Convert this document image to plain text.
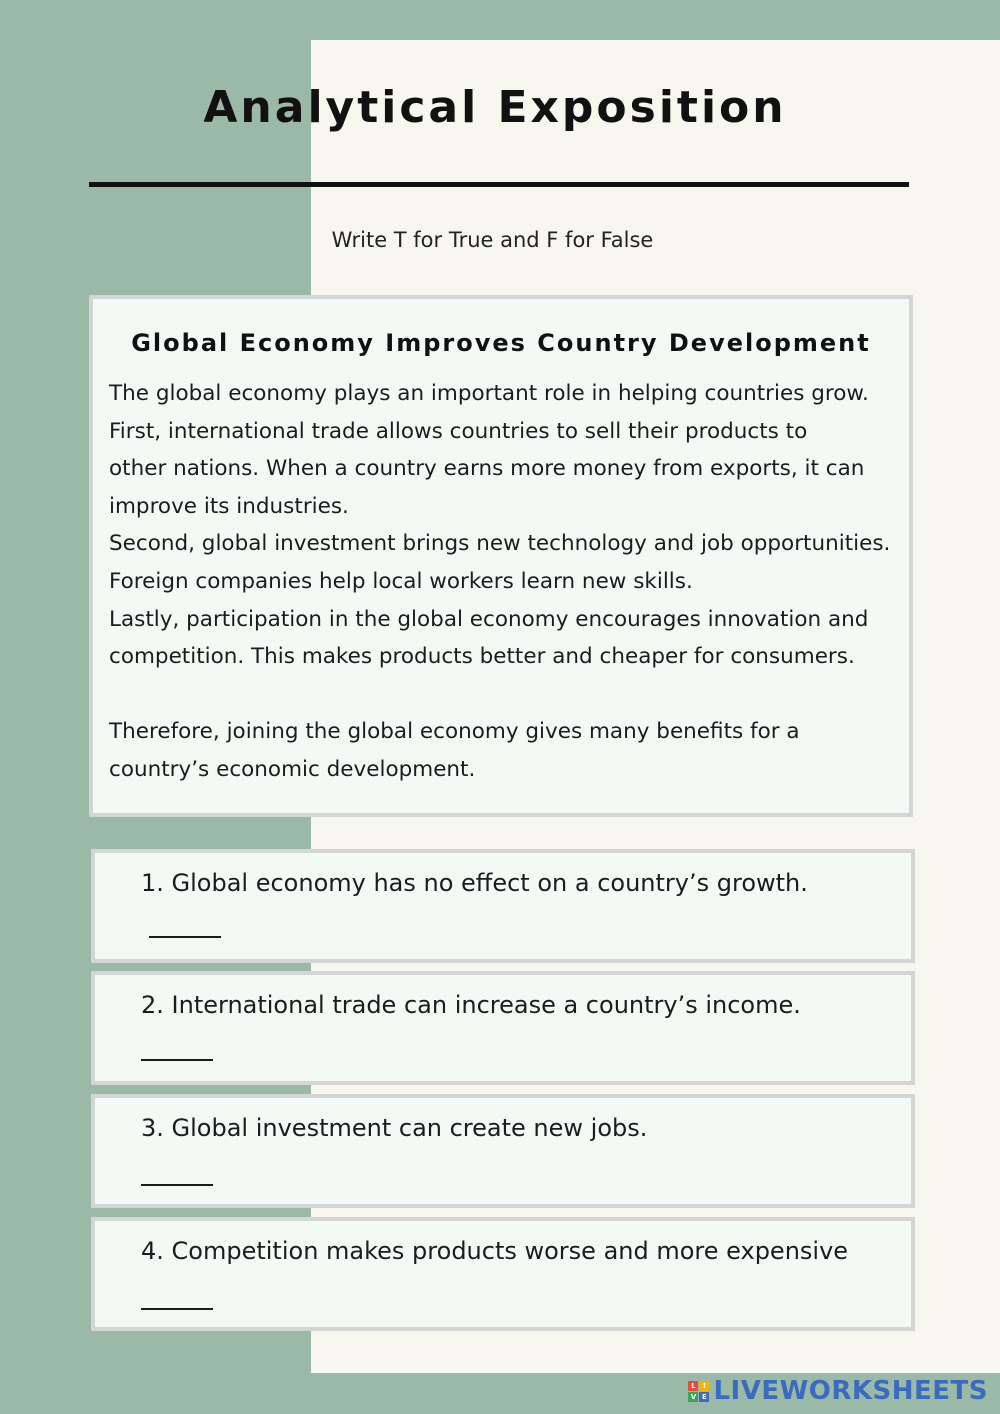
Analytical Exposition
Write T for True and F for False
Global Economy Improves Country Development

The global economy plays an important role in helping countries grow.

First, international trade allows countries to sell their products to

other nations. When a country earns more money from exports, it can

improve its industries.

Second, global investment brings new technology and job opportunities.

Foreign companies help local workers learn new skills.

Lastly, participation in the global economy encourages innovation and

competition. This makes products better and cheaper for consumers.

Therefore, joining the global economy gives many benefits for a

country’s economic development.

1. Global economy has no effect on a country’s growth.
2. International trade can increase a country’s income.
3. Global investment can create new jobs.
4. Competition makes products worse and more expensive
L	I
V E LIVEWORKSHEETS
